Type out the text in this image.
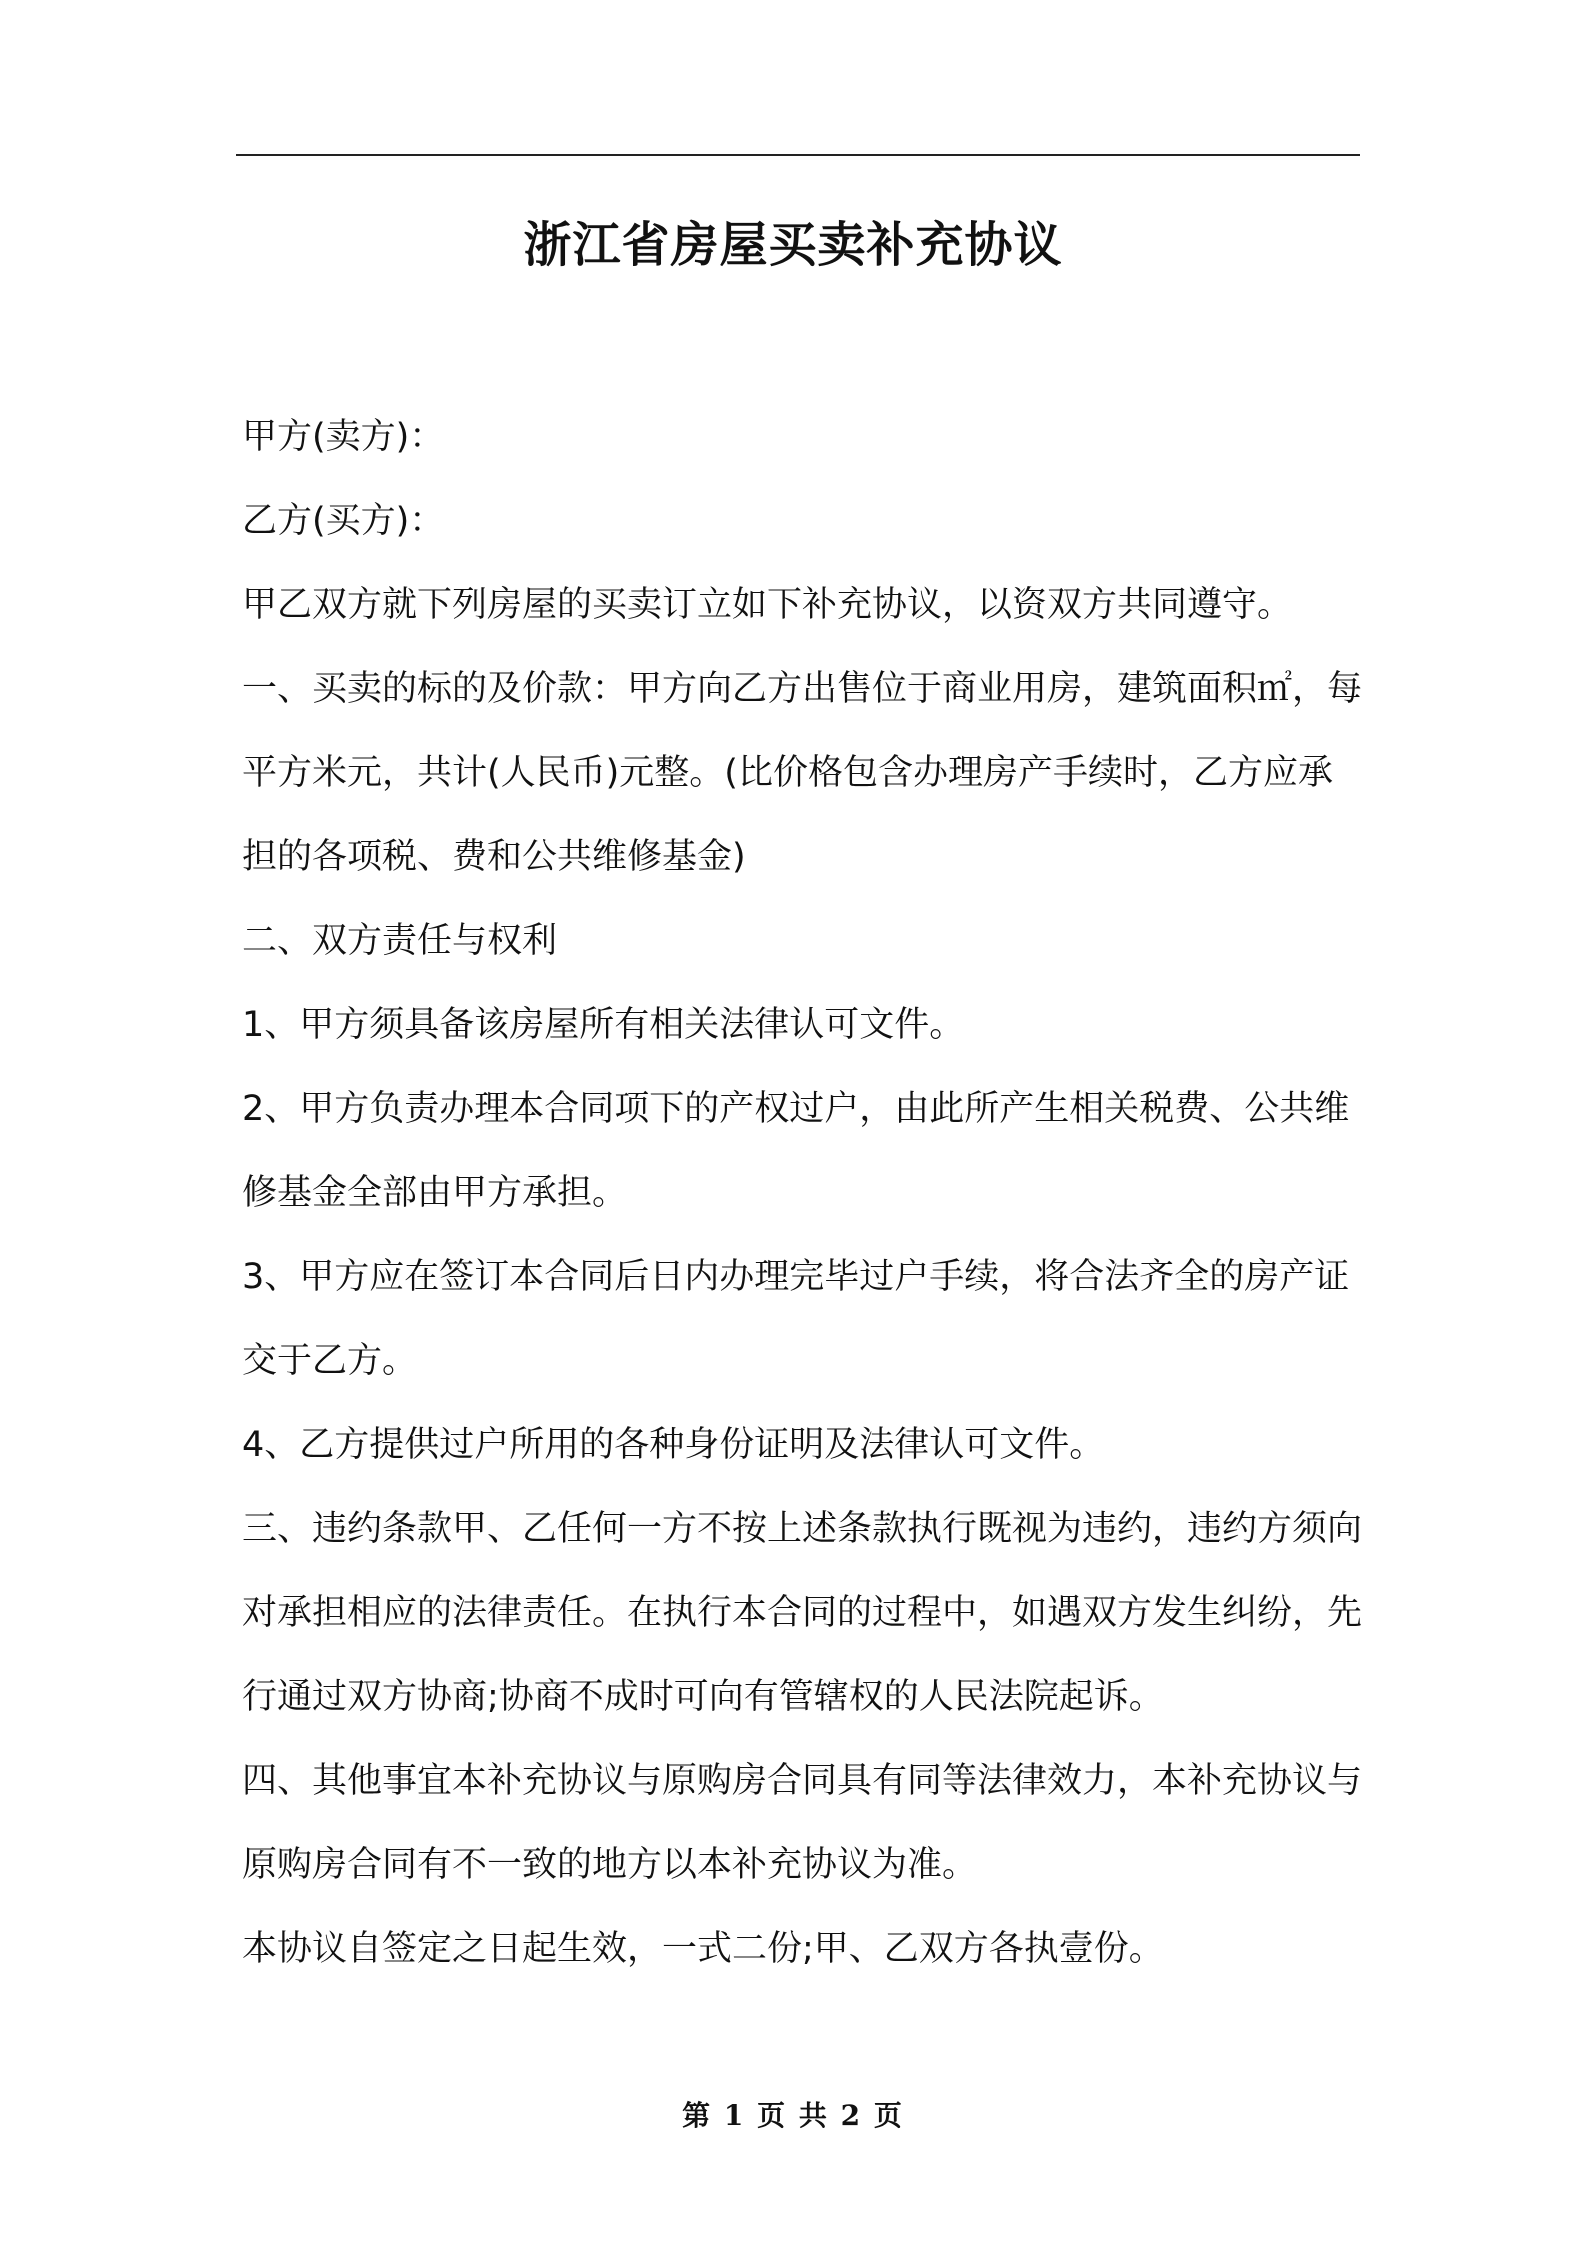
浙江省房屋买卖补充协议

甲方(卖方)：

乙方(买方)：

甲乙双方就下列房屋的买卖订立如下补充协议，以资双方共同遵守。

一、买卖的标的及价款：甲方向乙方出售位于商业用房，建筑面积㎡，每平方米元，共计(人民币)元整。(比价格包含办理房产手续时，乙方应承担的各项税、费和公共维修基金)

二、双方责任与权利

1、甲方须具备该房屋所有相关法律认可文件。

2、甲方负责办理本合同项下的产权过户，由此所产生相关税费、公共维修基金全部由甲方承担。

3、甲方应在签订本合同后日内办理完毕过户手续，将合法齐全的房产证交于乙方。

4、乙方提供过户所用的各种身份证明及法律认可文件。

三、违约条款甲、乙任何一方不按上述条款执行既视为违约，违约方须向对承担相应的法律责任。在执行本合同的过程中，如遇双方发生纠纷，先行通过双方协商;协商不成时可向有管辖权的人民法院起诉。

四、其他事宜本补充协议与原购房合同具有同等法律效力，本补充协议与原购房合同有不一致的地方以本补充协议为准。

本协议自签定之日起生效，一式二份;甲、乙双方各执壹份。

第 1 页 共 2 页
